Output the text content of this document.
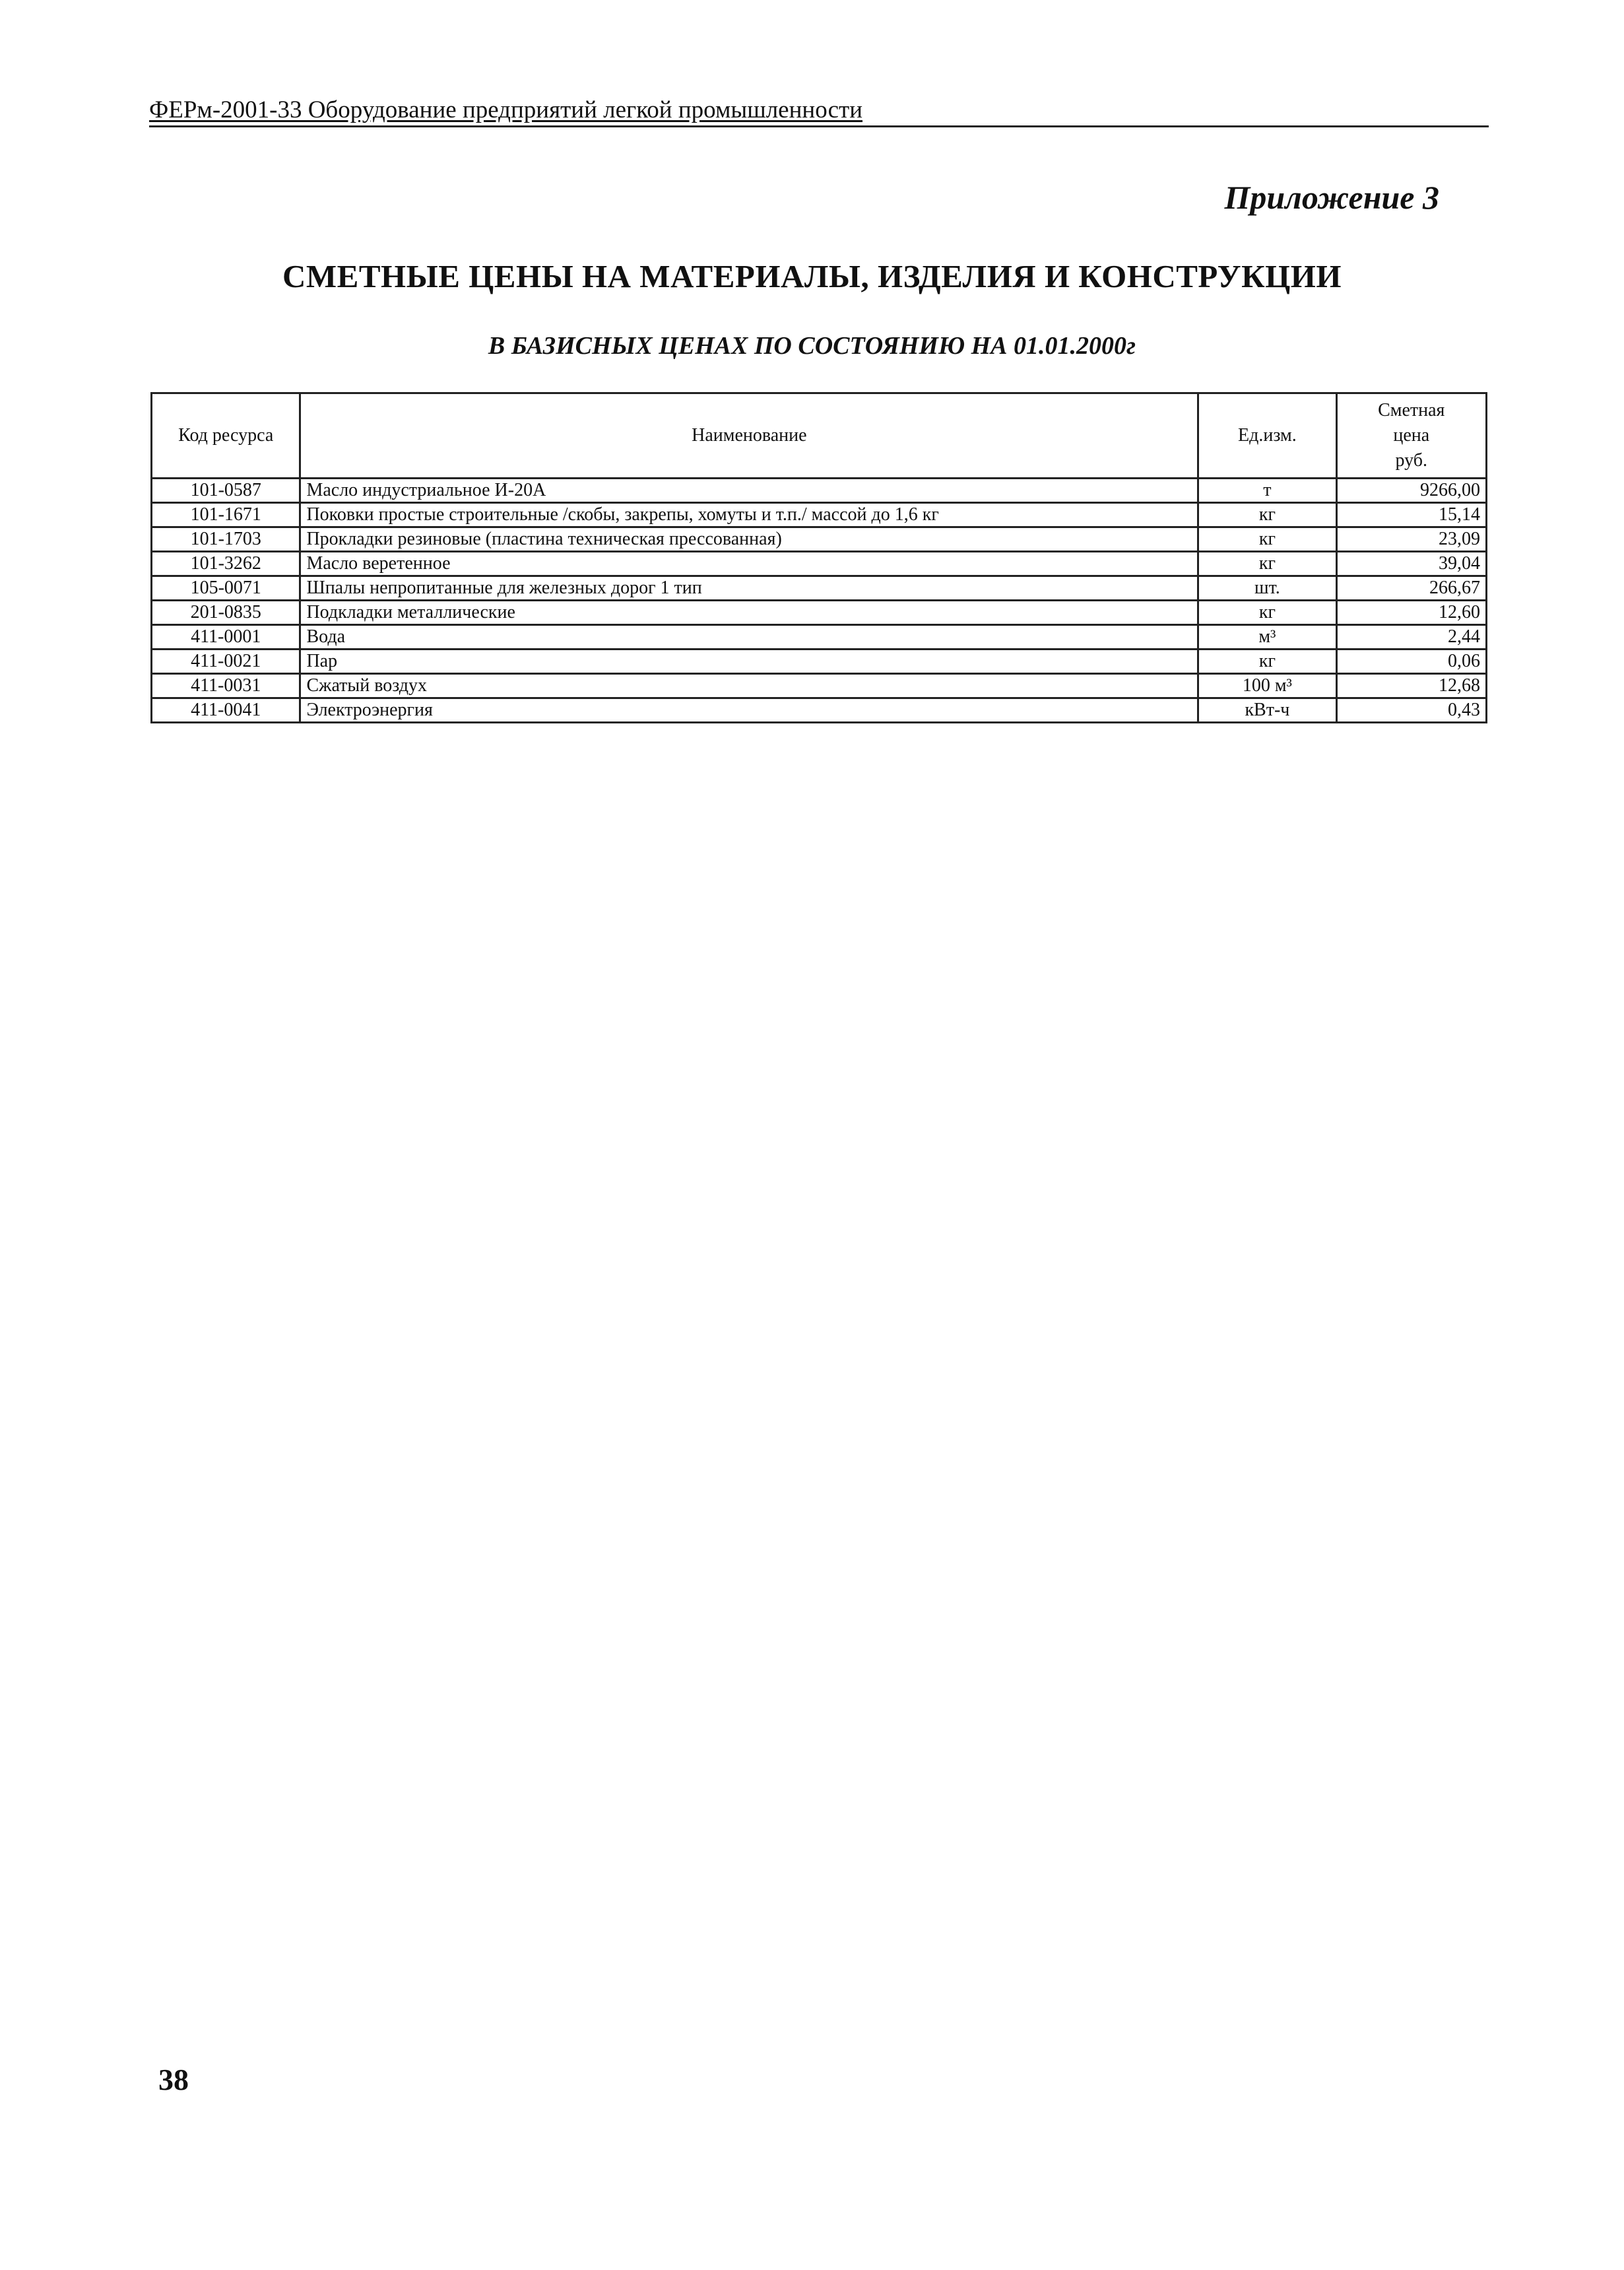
ФЕРм-2001-33 Оборудование предприятий легкой промышленности
Приложение 3
СМЕТНЫЕ ЦЕНЫ НА МАТЕРИАЛЫ, ИЗДЕЛИЯ И КОНСТРУКЦИИ
В БАЗИСНЫХ ЦЕНАХ ПО СОСТОЯНИЮ НА 01.01.2000г
Код ресурса	Наименование	Ед.изм.	Сметная
цена
руб.
101-0587	Масло индустриальное И-20А	т	9266,00
101-1671	Поковки простые строительные /скобы, закрепы, хомуты и т.п./ массой до 1,6 кг	кг	15,14
101-1703	Прокладки резиновые (пластина техническая прессованная)	кг	23,09
101-3262	Масло веретенное	кг	39,04
105-0071	Шпалы непропитанные для железных дорог 1 тип	шт.	266,67
201-0835	Подкладки металлические	кг	12,60
411-0001	Вода	м³	2,44
411-0021	Пар	кг	0,06
411-0031	Сжатый воздух	100 м³	12,68
411-0041	Электроэнергия	кВт-ч	0,43
38
